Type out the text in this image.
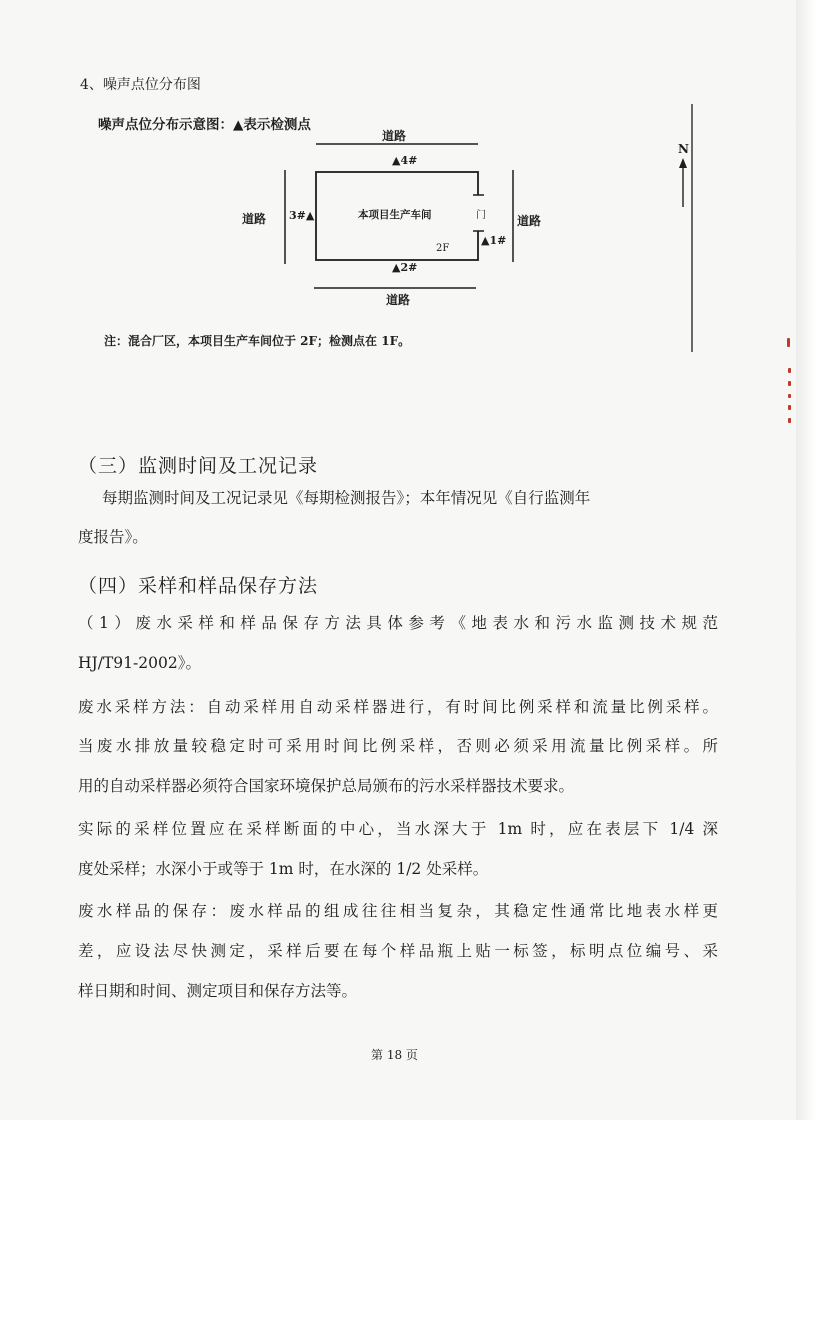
4、噪声点位分布图
噪声点位分布示意图：▲表示检测点
道路
▲4#
本项目生产车间
2F
门
▲1#
道路 3#▲	道路
▲2#
道路
N
注：混合厂区，本项目生产车间位于 2F；检测点在 1F。
（三）监测时间及工况记录
每期监测时间及工况记录见《每期检测报告》；本年情况见《自行监测年
度报告》。
（四）采样和样品保存方法
（1）废水采样和样品保存方法具体参考《地表水和污水监测技术规范
HJ/T91-2002》。
废水采样方法：自动采样用自动采样器进行，有时间比例采样和流量比例采样。
当废水排放量较稳定时可采用时间比例采样，否则必须采用流量比例采样。所
用的自动采样器必须符合国家环境保护总局颁布的污水采样器技术要求。
实际的采样位置应在采样断面的中心，当水深大于 1m 时，应在表层下 1/4 深
度处采样；水深小于或等于 1m 时，在水深的 1/2 处采样。
废水样品的保存：废水样品的组成往往相当复杂，其稳定性通常比地表水样更
差，应设法尽快测定，采样后要在每个样品瓶上贴一标签，标明点位编号、采
样日期和时间、测定项目和保存方法等。
第 18 页
